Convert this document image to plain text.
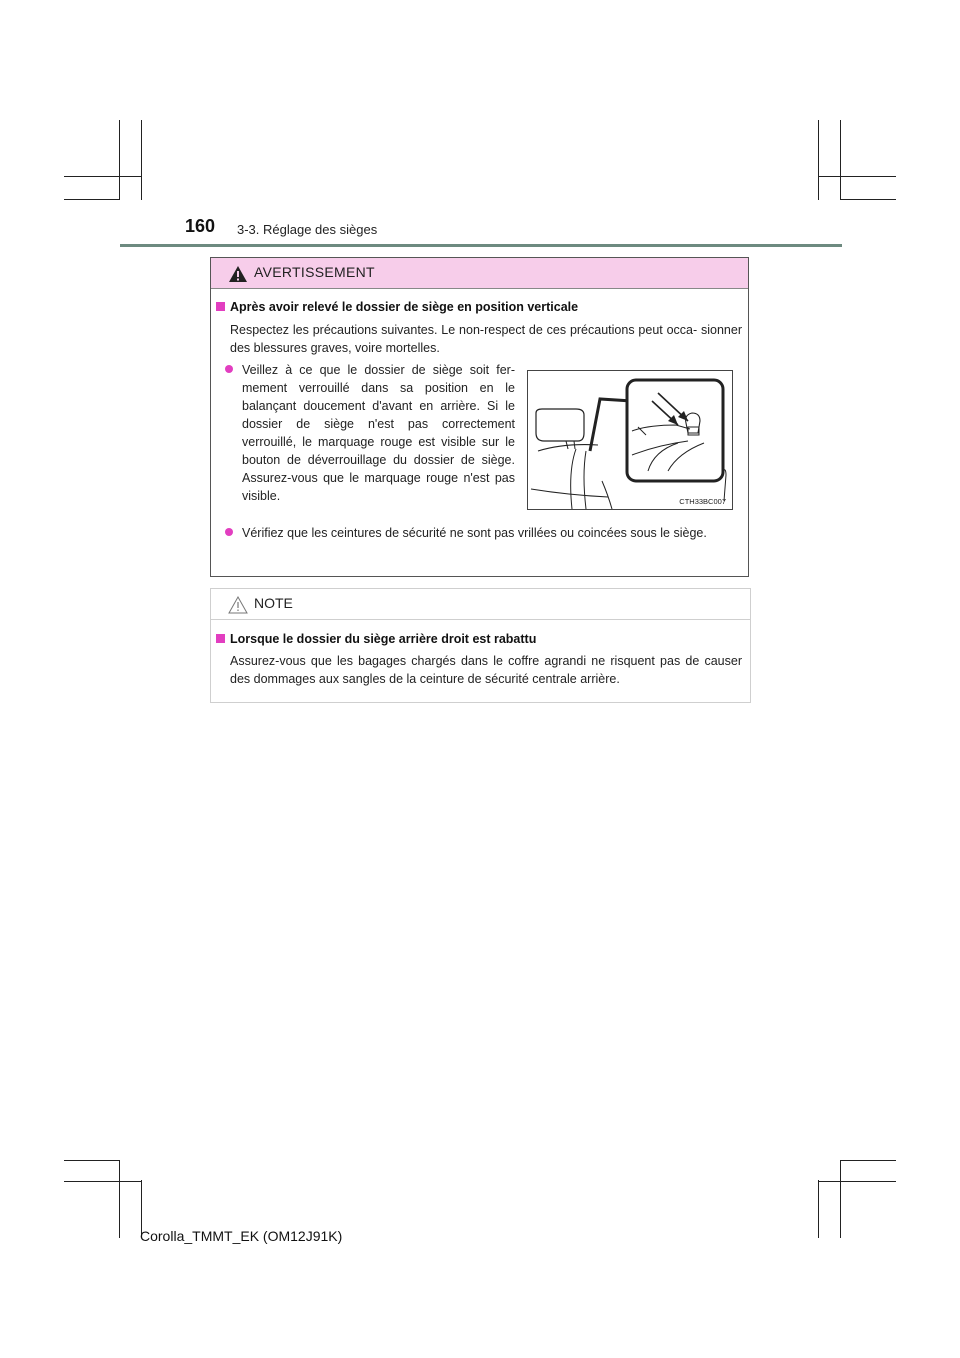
160 3-3. Réglage des sièges
AVERTISSEMENT
Après avoir relevé le dossier de siège en position verticale
Respectez les précautions suivantes. Le non-respect de ces précautions peut occa- sionner des blessures graves, voire mortelles.
Veillez à ce que le dossier de siège soit fer- mement verrouillé dans sa position en le balançant doucement d'avant en arrière. Si le dossier de siège n'est pas correctement verrouillé, le marquage rouge est visible sur le bouton de déverrouillage du dossier de siège. Assurez-vous que le marquage rouge n'est pas visible.
Vérifiez que les ceintures de sécurité ne sont pas vrillées ou coincées sous le siège.
CTH33BC007
NOTE
Lorsque le dossier du siège arrière droit est rabattu
Assurez-vous que les bagages chargés dans le coffre agrandi ne risquent pas de causer des dommages aux sangles de la ceinture de sécurité centrale arrière.
Corolla_TMMT_EK (OM12J91K)
